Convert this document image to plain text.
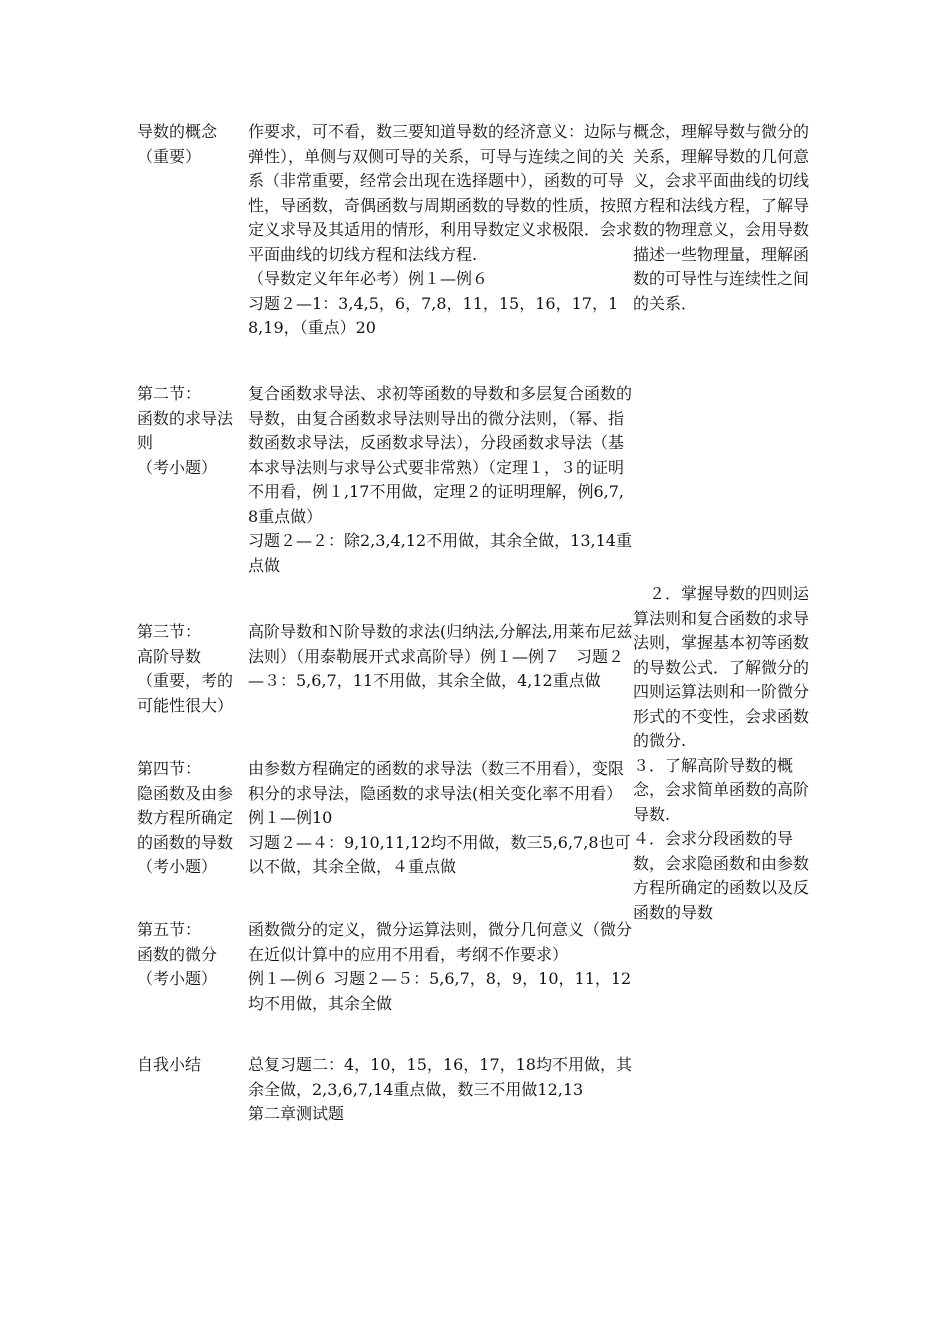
导数的概念
（重要）
作要求，可不看，数三要知道导数的经济意义：边际与弹性），单侧与双侧可导的关系，可导与连续之间的关系（非常重要，经常会出现在选择题中），函数的可导性，导函数，奇偶函数与周期函数的导数的性质，按照定义求导及其适用的情形，利用导数定义求极限．会求平面曲线的切线方程和法线方程.
（导数定义年年必考）例１—例６
习题２—1：3,4,5，6，7,8，11，15，16，17，18,19，（重点）20
概念，理解导数与微分的关系，理解导数的几何意义，会求平面曲线的切线方程和法线方程，了解导数的物理意义，会用导数描述一些物理量，理解函数的可导性与连续性之间的关系．
第二节：
函数的求导法则
（考小题）
复合函数求导法、求初等函数的导数和多层复合函数的导数，由复合函数求导法则导出的微分法则，（幂、指数函数求导法，反函数求导法），分段函数求导法（基本求导法则与求导公式要非常熟）（定理１，３的证明不用看，例１,17不用做，定理２的证明理解，例6,7,8重点做）
习题２—２：除2,3,4,12不用做，其余全做，13,14重点做
　２．掌握导数的四则运算法则和复合函数的求导法则，掌握基本初等函数的导数公式．了解微分的四则运算法则和一阶微分形式的不变性，会求函数的微分.
３．了解高阶导数的概念，会求简单函数的高阶导数.
４．会求分段函数的导数，会求隐函数和由参数方程所确定的函数以及反函数的导数
第三节：
高阶导数
（重要，考的可能性很大）
高阶导数和Ｎ阶导数的求法(归纳法,分解法,用莱布尼兹法则）（用泰勒展开式求高阶导）例１—例７　习题２—３：5,6,7，11不用做，其余全做，4,12重点做
第四节：
隐函数及由参数方程所确定的函数的导数（考小题）
由参数方程确定的函数的求导法（数三不用看），变限积分的求导法，隐函数的求导法(相关变化率不用看）例１—例10
习题２—４：9,10,11,12均不用做，数三5,6,7,8也可以不做，其余全做，４重点做
第五节：
函数的微分
（考小题）
函数微分的定义，微分运算法则，微分几何意义（微分在近似计算中的应用不用看，考纲不作要求）
例１—例６ 习题２—５：5,6,7，8，9，10，11，12均不用做，其余全做
自我小结	总复习题二：4，10，15，16，17，18均不用做，其余全做，2,3,6,7,14重点做，数三不用做12,13
第二章测试题
